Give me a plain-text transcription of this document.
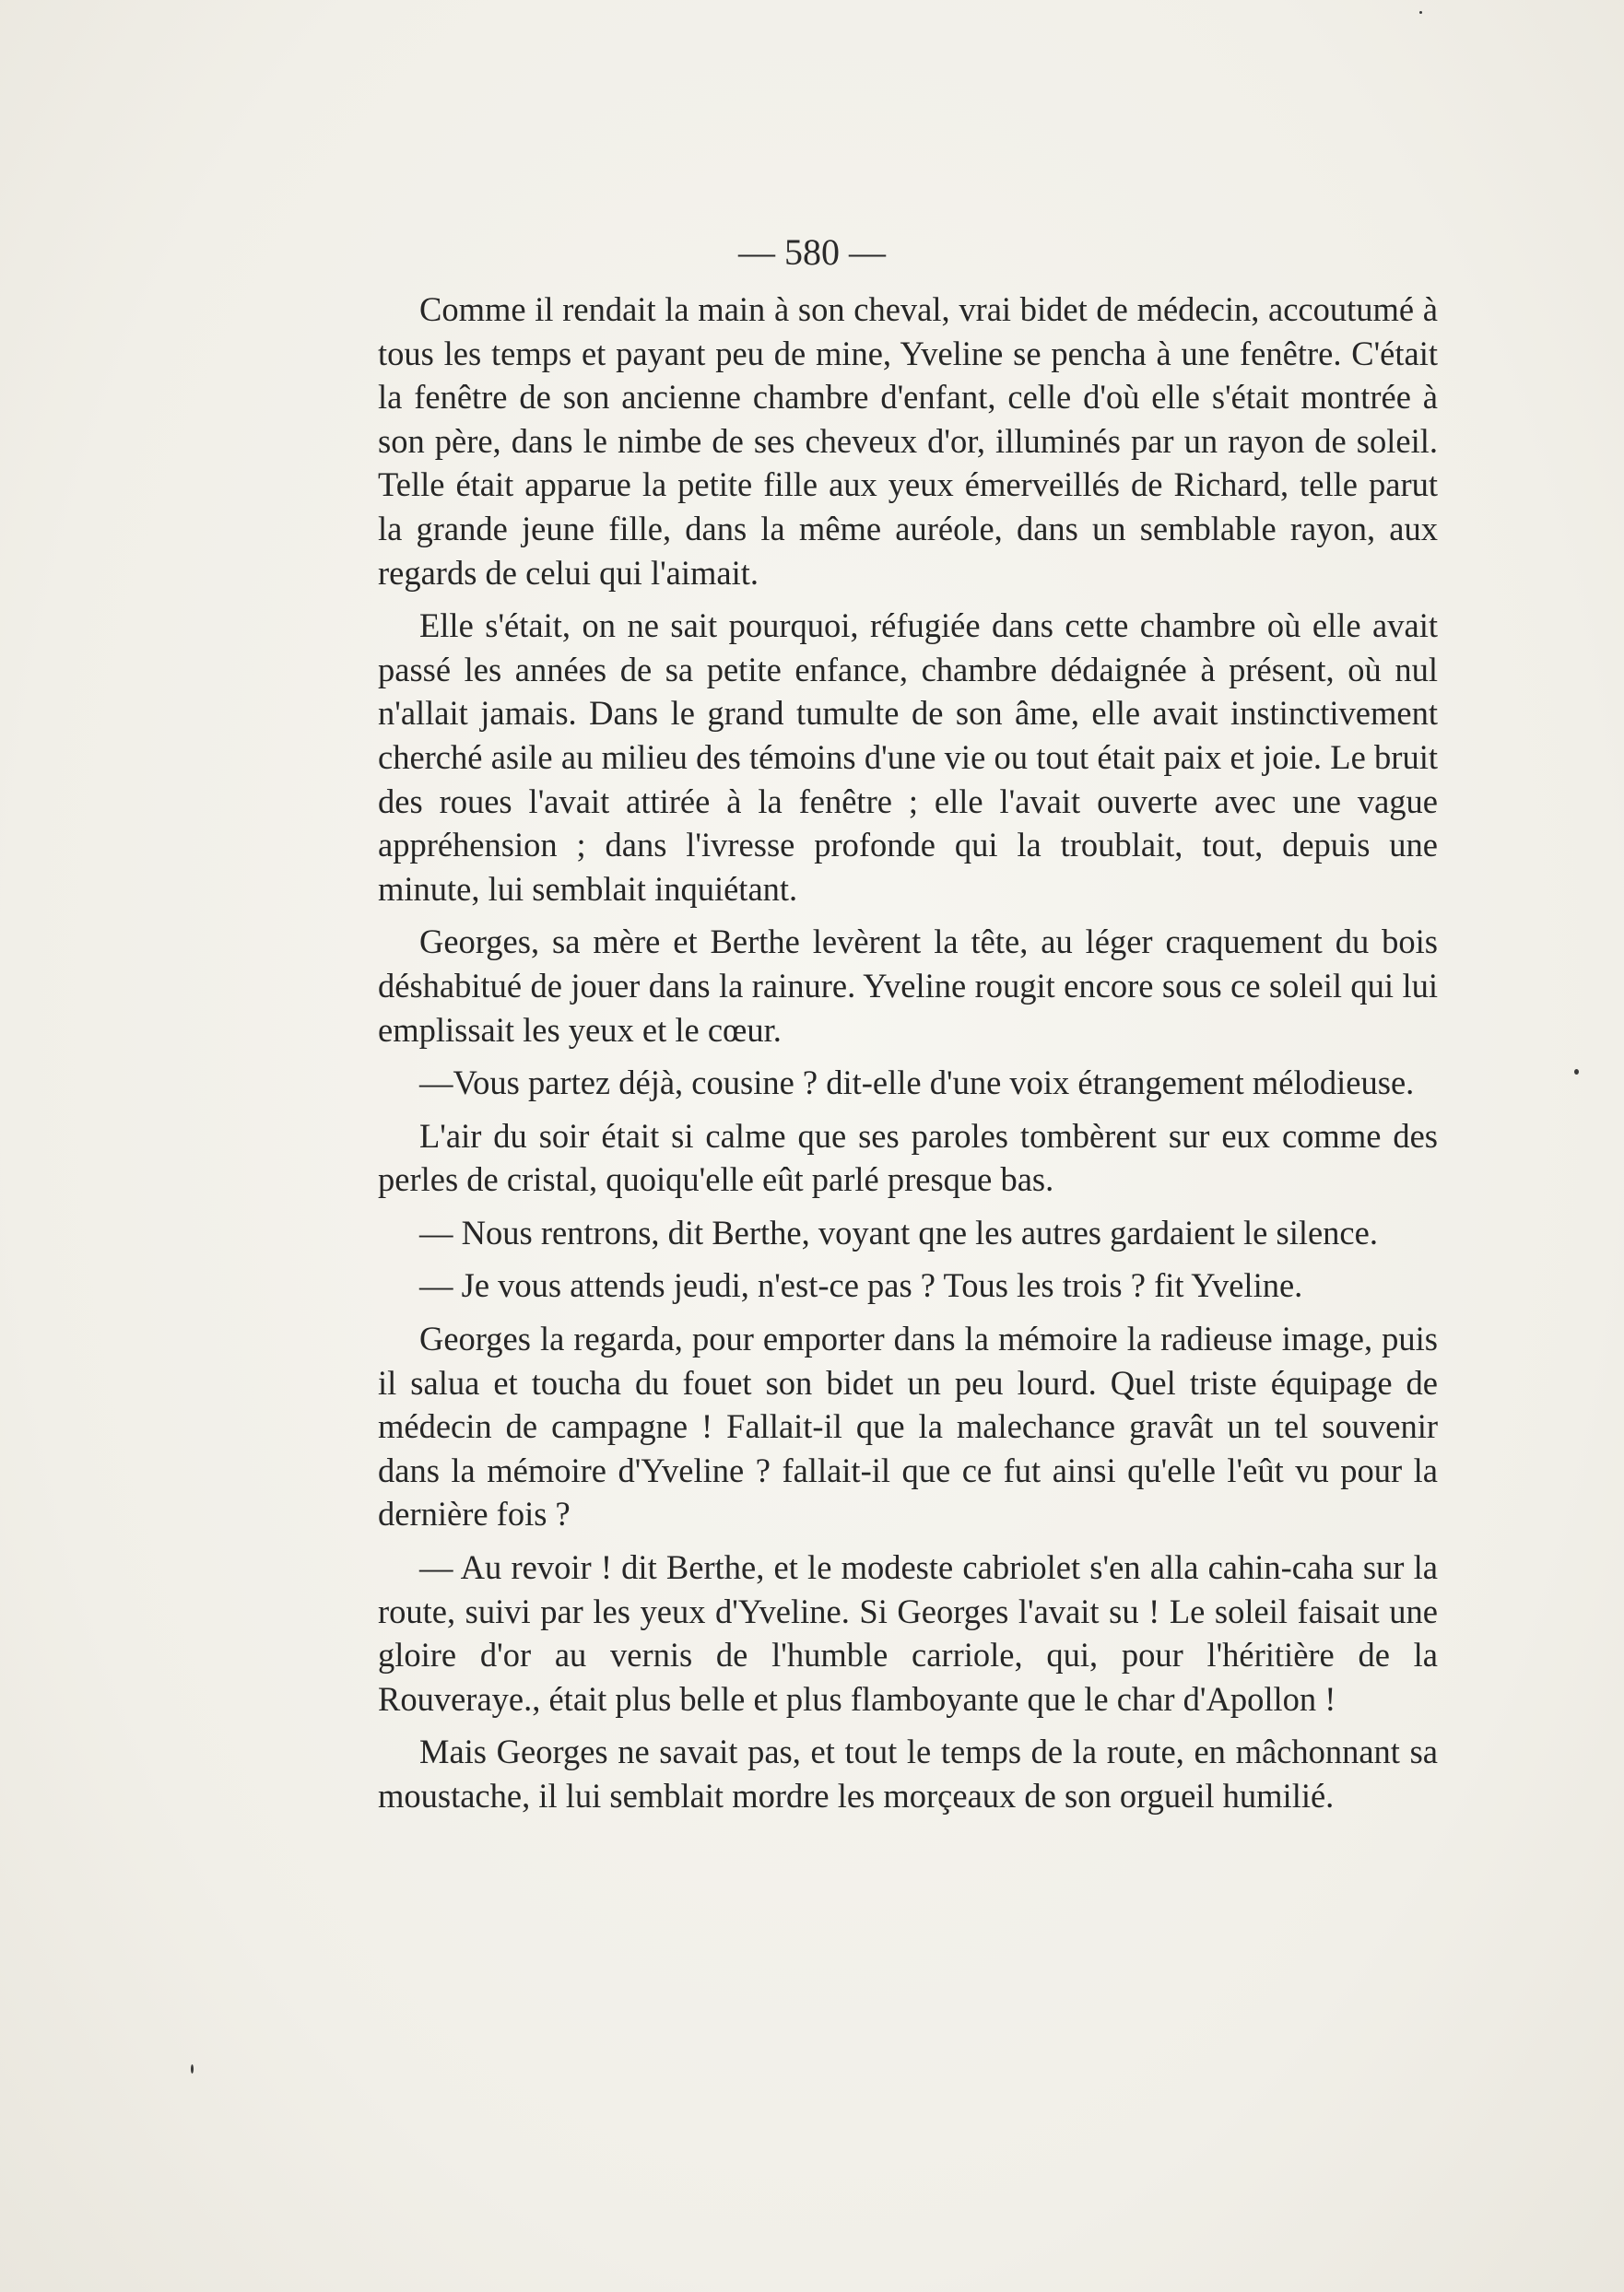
— 580 —

Comme il rendait la main à son cheval, vrai bidet de médecin, accoutumé à tous les temps et payant peu de mine, Yveline se pencha à une fenêtre. C'était la fenêtre de son ancienne chambre d'enfant, celle d'où elle s'était montrée à son père, dans le nimbe de ses cheveux d'or, illuminés par un rayon de soleil. Telle était apparue la petite fille aux yeux émerveillés de Richard, telle parut la grande jeune fille, dans la même auréole, dans un semblable rayon, aux regards de celui qui l'aimait.

Elle s'était, on ne sait pourquoi, réfugiée dans cette chambre où elle avait passé les années de sa petite enfance, chambre dédaignée à présent, où nul n'allait jamais. Dans le grand tumulte de son âme, elle avait instinctivement cherché asile au milieu des témoins d'une vie ou tout était paix et joie. Le bruit des roues l'avait attirée à la fenêtre ; elle l'avait ouverte avec une vague appréhension ; dans l'ivresse profonde qui la troublait, tout, depuis une minute, lui semblait inquiétant.

Georges, sa mère et Berthe levèrent la tête, au léger craquement du bois déshabitué de jouer dans la rainure. Yveline rougit encore sous ce soleil qui lui emplissait les yeux et le cœur.

—Vous partez déjà, cousine ? dit-elle d'une voix étrangement mélodieuse.

L'air du soir était si calme que ses paroles tombèrent sur eux comme des perles de cristal, quoiqu'elle eût parlé presque bas.

— Nous rentrons, dit Berthe, voyant qne les autres gardaient le silence.

— Je vous attends jeudi, n'est-ce pas ? Tous les trois ? fit Yveline.

Georges la regarda, pour emporter dans la mémoire la radieuse image, puis il salua et toucha du fouet son bidet un peu lourd. Quel triste équipage de médecin de campagne ! Fallait-il que la malechance gravât un tel souvenir dans la mémoire d'Yveline ? fallait-il que ce fut ainsi qu'elle l'eût vu pour la dernière fois ?

— Au revoir ! dit Berthe, et le modeste cabriolet s'en alla cahin-caha sur la route, suivi par les yeux d'Yveline. Si Georges l'avait su ! Le soleil faisait une gloire d'or au vernis de l'humble carriole, qui, pour l'héritière de la Rouveraye., était plus belle et plus flamboyante que le char d'Apollon !

Mais Georges ne savait pas, et tout le temps de la route, en mâchonnant sa moustache, il lui semblait mordre les morçeaux de son orgueil humilié.
